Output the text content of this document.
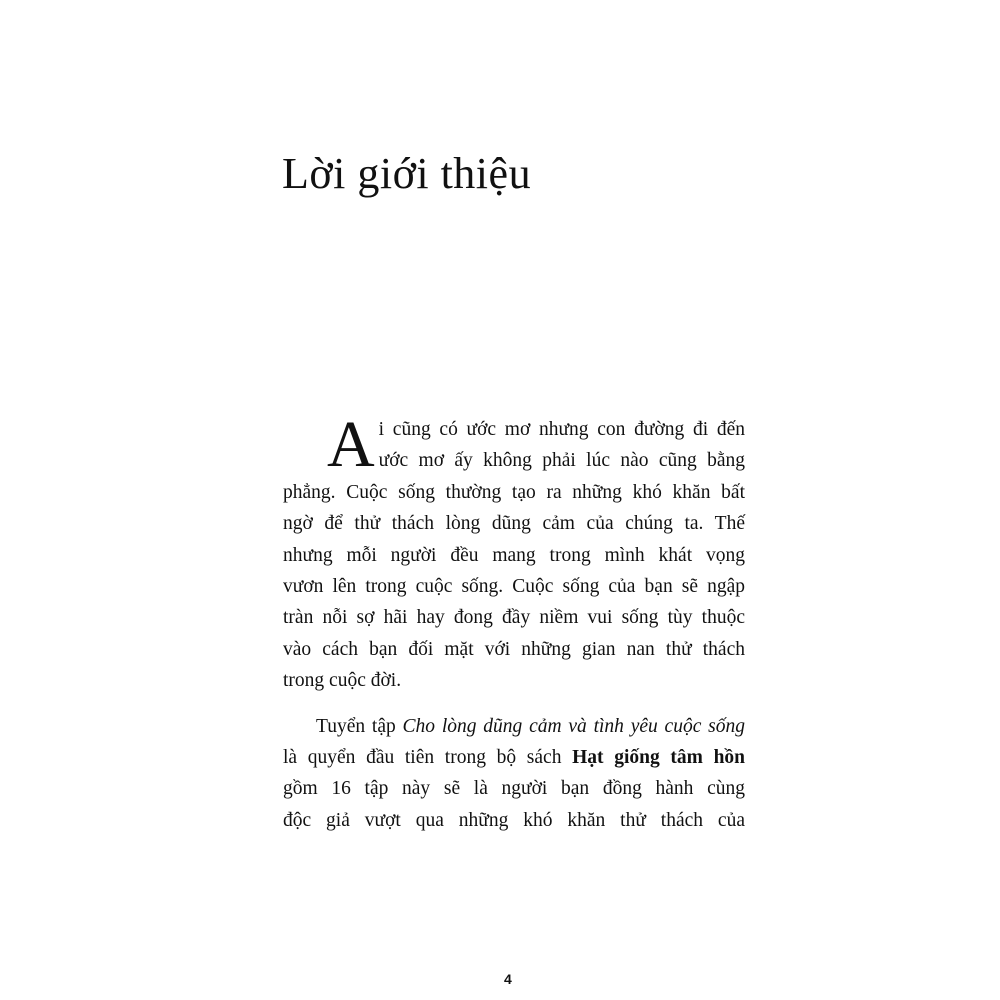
Lời giới thiệu

A i cũng có ước mơ nhưng con đường đi đến
ước mơ ấy không phải lúc nào cũng bằng
phẳng. Cuộc sống thường tạo ra những khó khăn bất
ngờ để thử thách lòng dũng cảm của chúng ta. Thế
nhưng mỗi người đều mang trong mình khát vọng
vươn lên trong cuộc sống. Cuộc sống của bạn sẽ ngập
tràn nỗi sợ hãi hay đong đầy niềm vui sống tùy thuộc
vào cách bạn đối mặt với những gian nan thử thách
trong cuộc đời.

Tuyển tập Cho lòng dũng cảm và tình yêu cuộc sống
là quyển đầu tiên trong bộ sách Hạt giống tâm hồn
gồm 16 tập này sẽ là người bạn đồng hành cùng
độc giả vượt qua những khó khăn thử thách của

4
